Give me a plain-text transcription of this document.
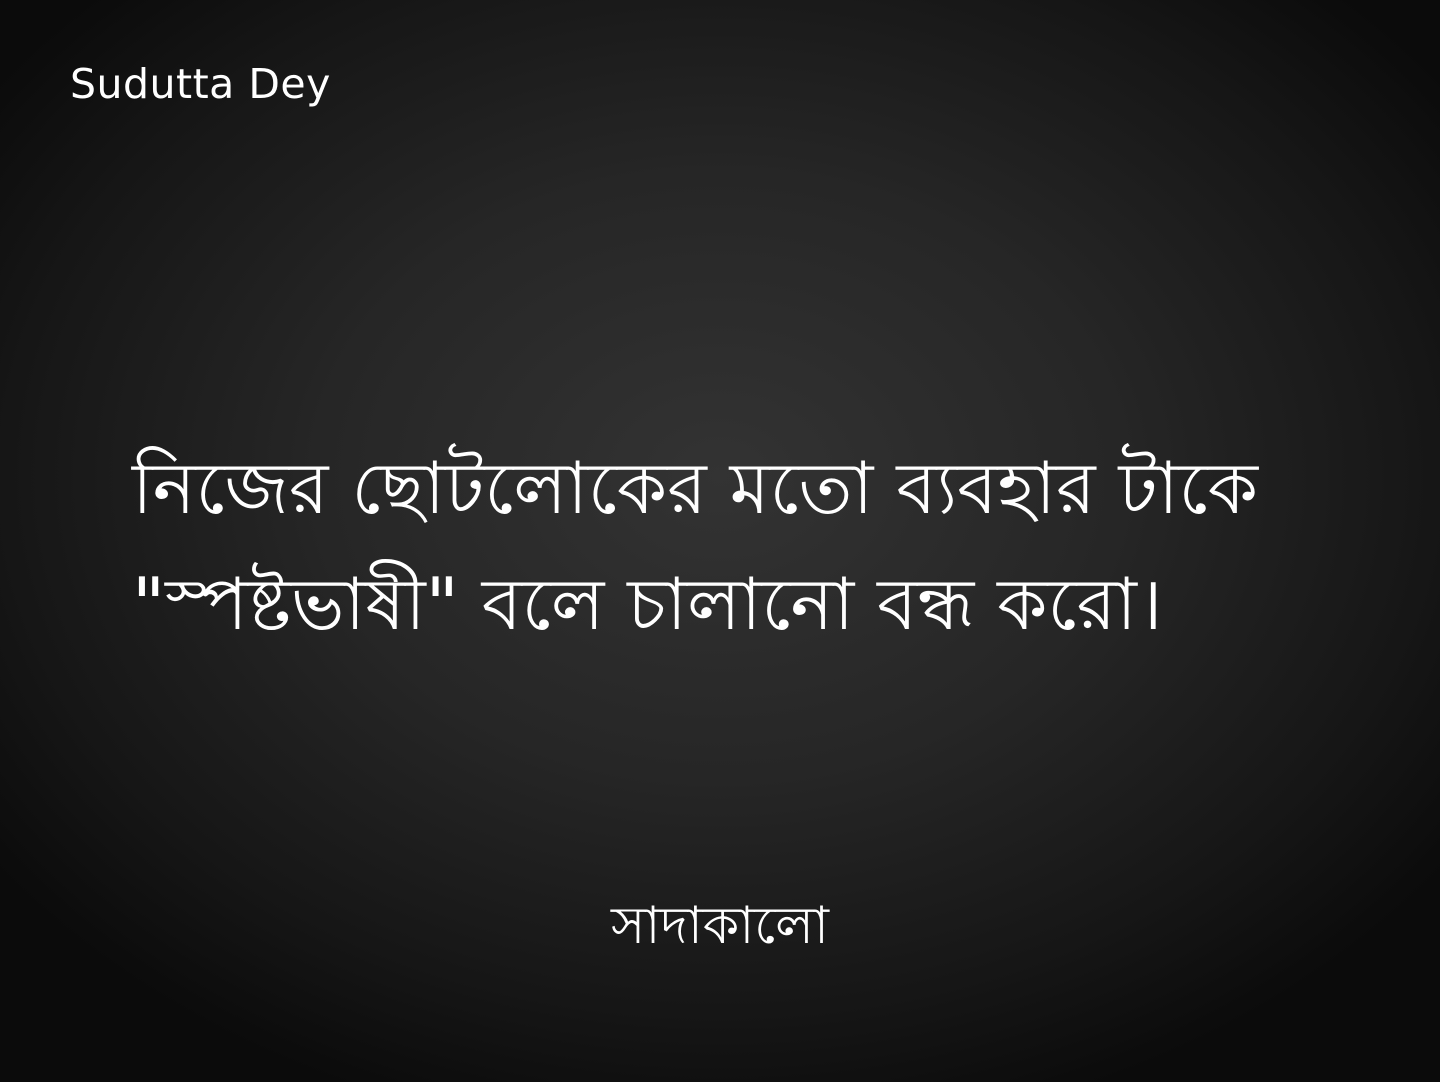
Sudutta Dey
নিজের ছোটলোকের মতো ব্যবহার টাকে
"স্পষ্টভাষী" বলে চালানো বন্ধ করো।
সাদাকালো
